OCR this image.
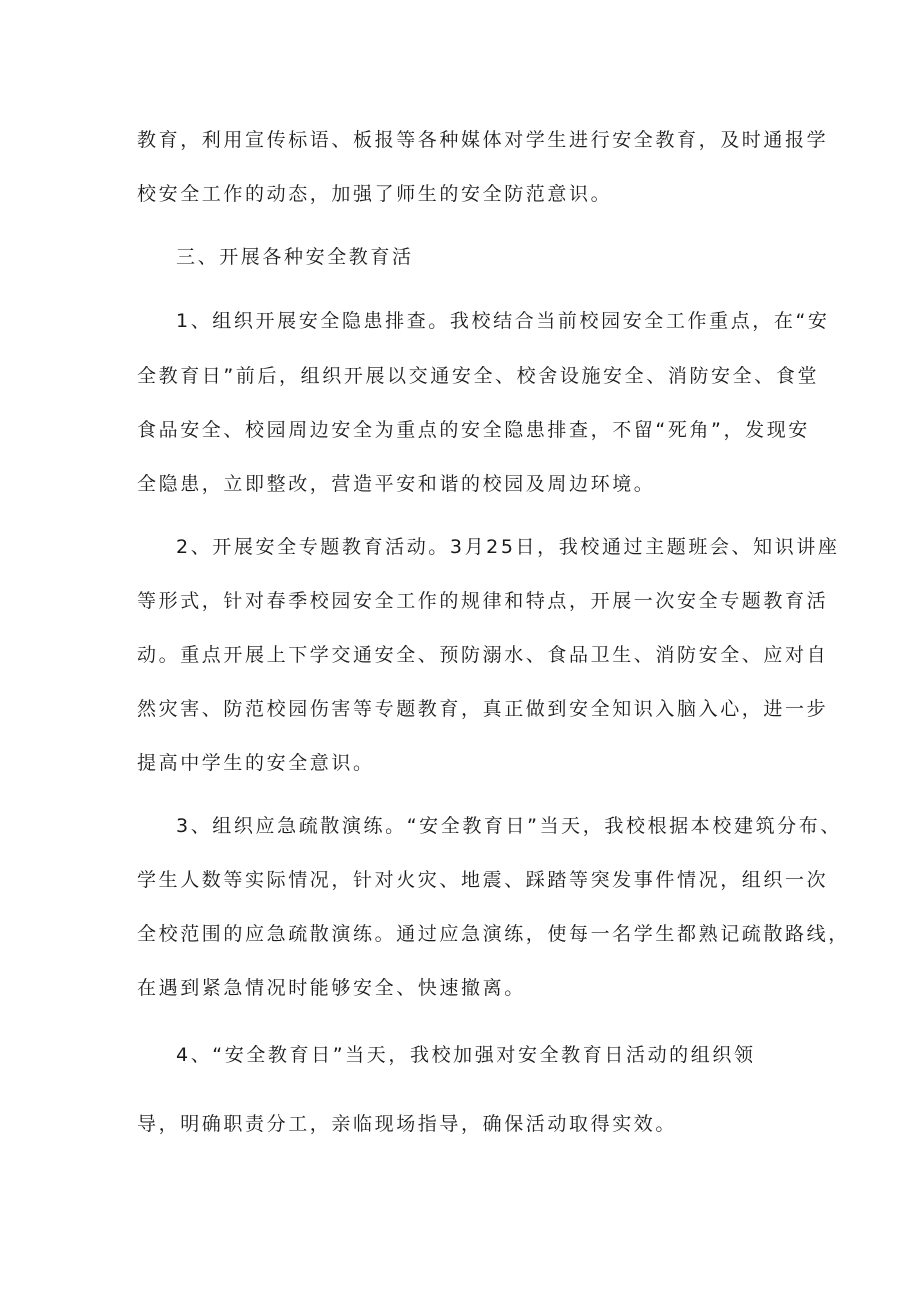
教育，利用宣传标语、板报等各种媒体对学生进行安全教育，及时通报学
校安全工作的动态，加强了师生的安全防范意识。
三、开展各种安全教育活
1、组织开展安全隐患排查。我校结合当前校园安全工作重点，在“安
全教育日”前后，组织开展以交通安全、校舍设施安全、消防安全、食堂
食品安全、校园周边安全为重点的安全隐患排查，不留“死角”，发现安
全隐患，立即整改，营造平安和谐的校园及周边环境。
2、开展安全专题教育活动。3月25日，我校通过主题班会、知识讲座
等形式，针对春季校园安全工作的规律和特点，开展一次安全专题教育活
动。重点开展上下学交通安全、预防溺水、食品卫生、消防安全、应对自
然灾害、防范校园伤害等专题教育，真正做到安全知识入脑入心，进一步
提高中学生的安全意识。
3、组织应急疏散演练。“安全教育日”当天，我校根据本校建筑分布、
学生人数等实际情况，针对火灾、地震、踩踏等突发事件情况，组织一次
全校范围的应急疏散演练。通过应急演练，使每一名学生都熟记疏散路线，
在遇到紧急情况时能够安全、快速撤离。
4、“安全教育日”当天，我校加强对安全教育日活动的组织领
导，明确职责分工，亲临现场指导，确保活动取得实效。
